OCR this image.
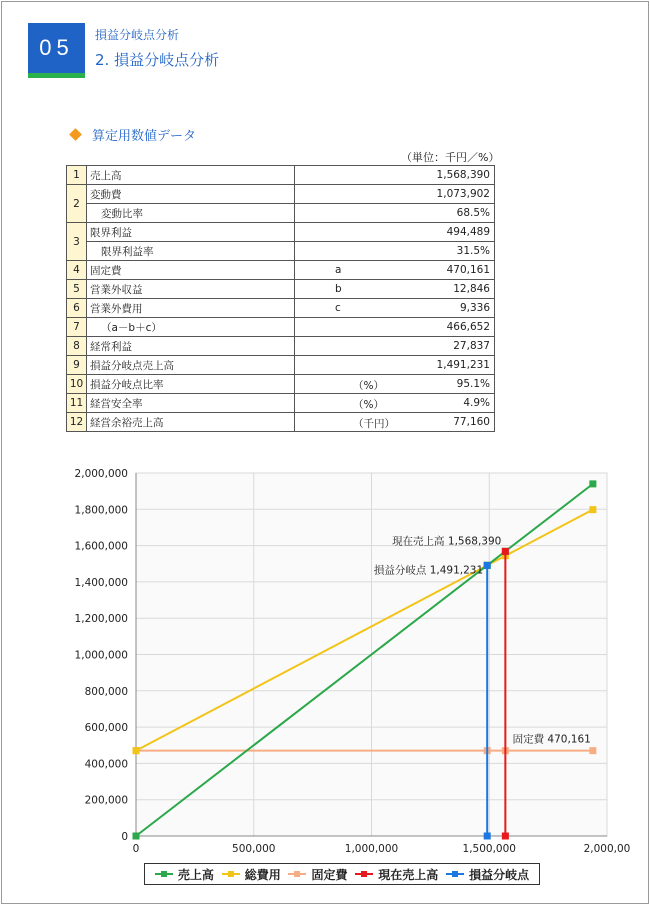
05	損益分岐点分析
2. 損益分岐点分析
算定用数値データ
（単位：千円／%）
1	売上高	1,568,390

2	変動費	1,073,902

	変動比率	68.5%

3	限界利益	494,489

	限界利益率	31.5%

4	固定費	a 470,161

5	営業外収益	b 12,846

6	営業外費用	c 9,336

7	（a－b＋c）	466,652

8	経常利益	27,837

9	損益分岐点売上高	1,491,231

10	損益分岐点比率	（%） 95.1%

11	経営安全率	（%） 4.9%

12	経営余裕売上高	（千円） 77,160
0
200,000
400,000
600,000
800,000
1,000,000
1,200,000
1,400,000
1,600,000
1,800,000
2,000,000
0	500,000	1,000,000	1,500,000	2,000,00
現在売上高 1,568,390
損益分岐点 1,491,231
固定費 470,161
売上高	総費用	固定費	現在売上高	損益分岐点
